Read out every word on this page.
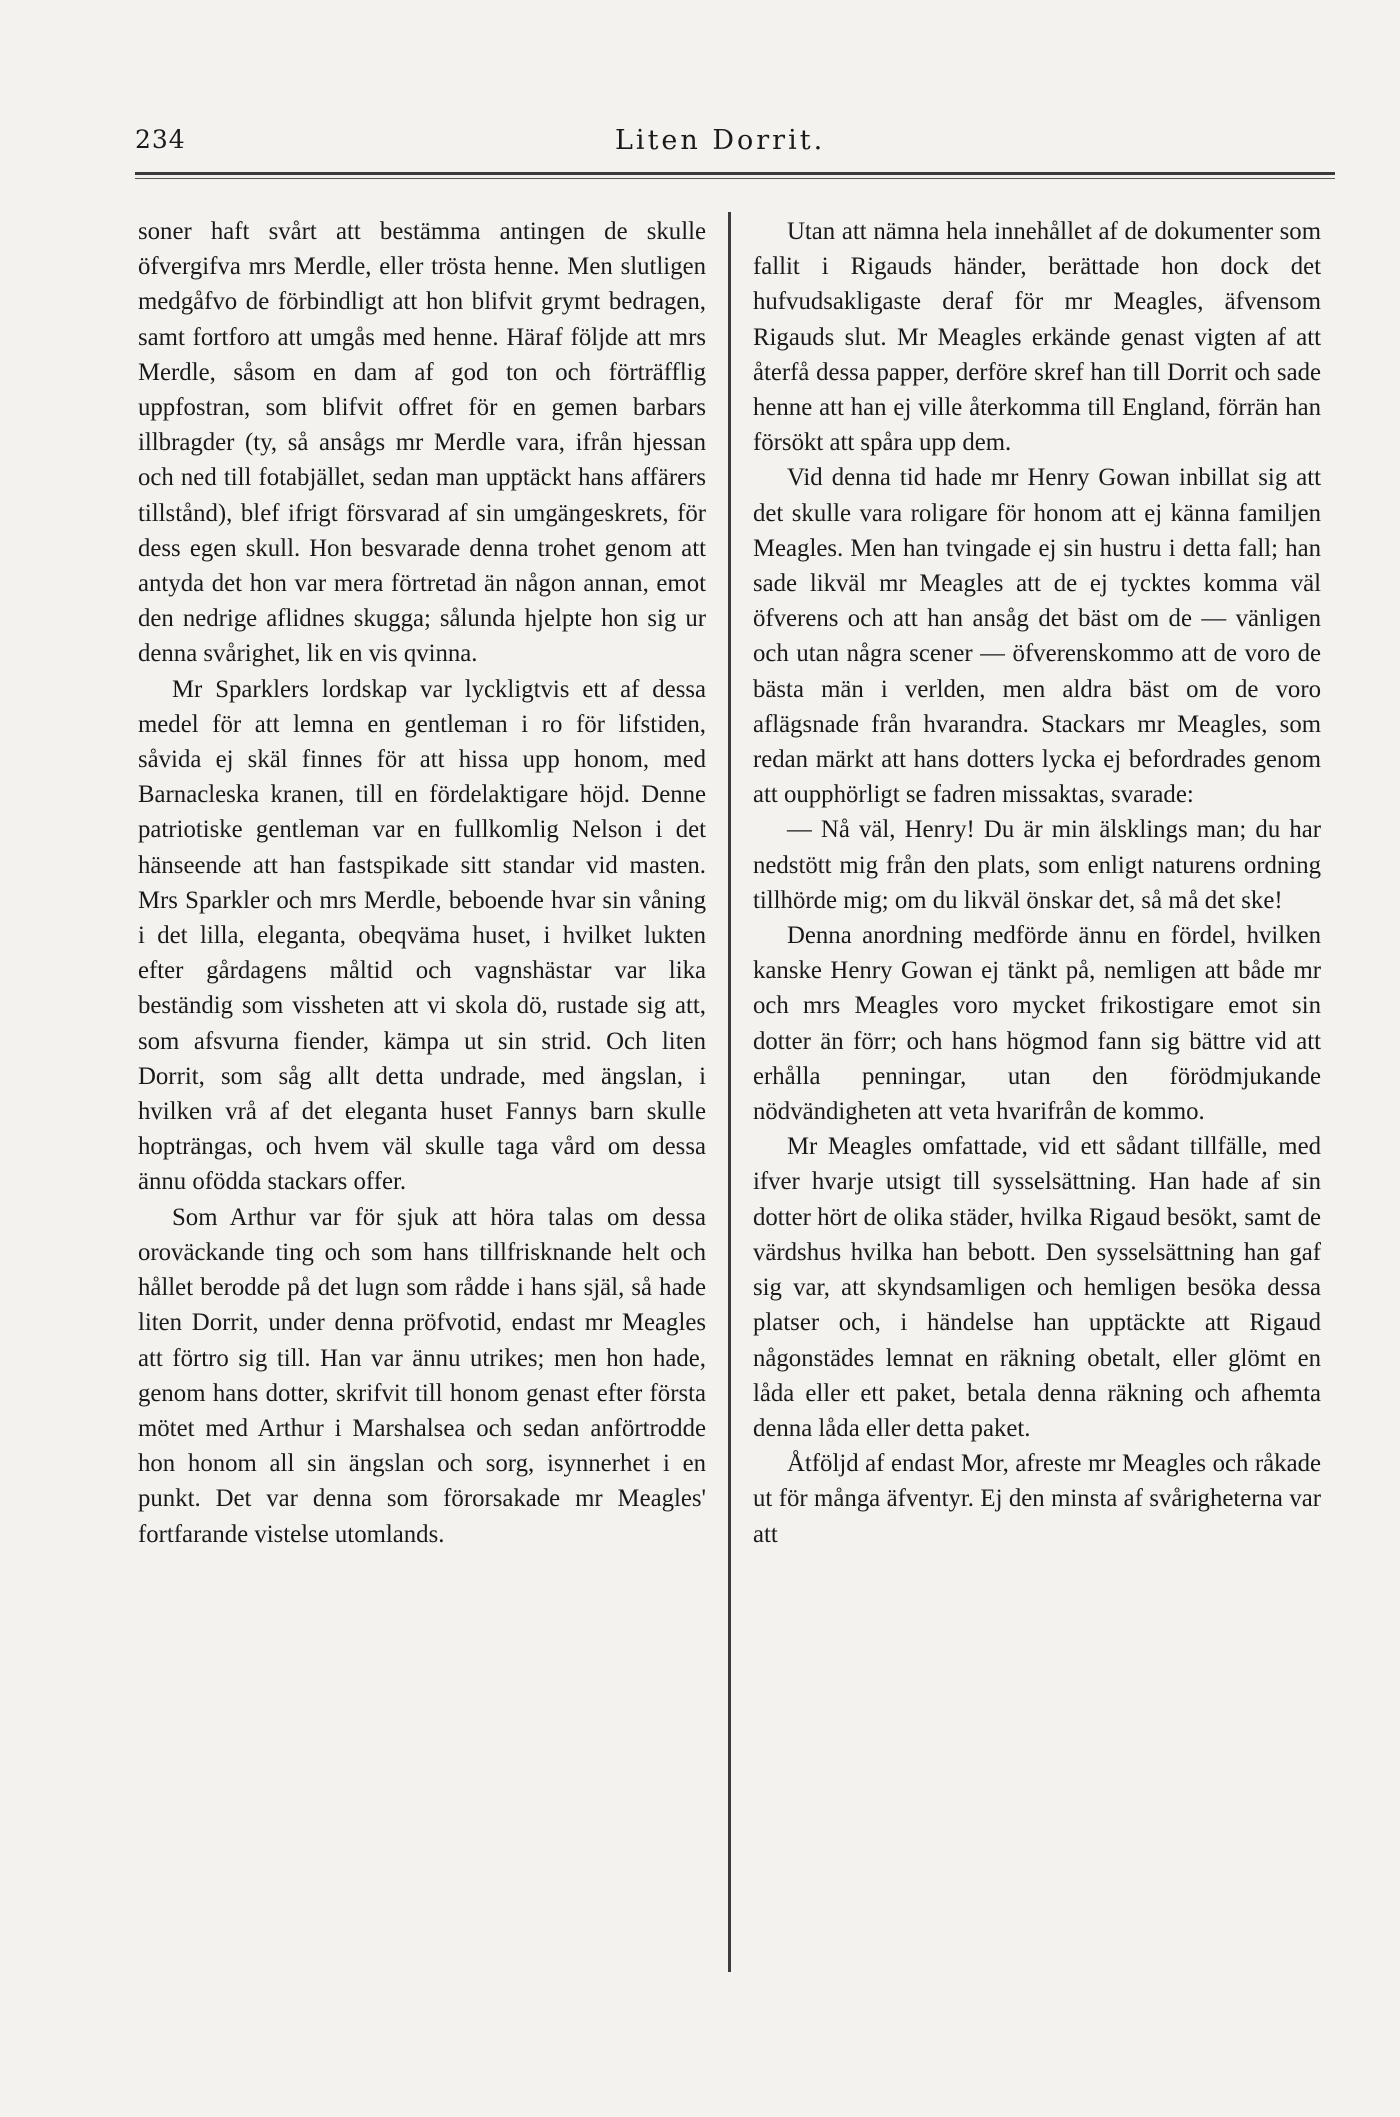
234	Liten Dorrit.

soner haft svårt att bestämma antingen de skulle öfvergifva mrs Merdle, eller trösta henne. Men slutligen medgåfvo de förbindligt att hon blifvit grymt bedragen, samt fortforo att umgås med henne. Häraf följde att mrs Merdle, såsom en dam af god ton och förträfflig uppfostran, som blifvit offret för en gemen barbars illbragder (ty, så ansågs mr Merdle vara, ifrån hjessan och ned till fotabjället, sedan man upptäckt hans affärers tillstånd), blef ifrigt försvarad af sin umgängeskrets, för dess egen skull. Hon besvarade denna trohet genom att antyda det hon var mera förtretad än någon annan, emot den nedrige aflidnes skugga; sålunda hjelpte hon sig ur denna svårighet, lik en vis qvinna.

Mr Sparklers lordskap var lyckligtvis ett af dessa medel för att lemna en gentleman i ro för lifstiden, såvida ej skäl finnes för att hissa upp honom, med Barnacleska kranen, till en fördelaktigare höjd. Denne patriotiske gentleman var en fullkomlig Nelson i det hänseende att han fastspikade sitt standar vid masten. Mrs Sparkler och mrs Merdle, beboende hvar sin våning i det lilla, eleganta, obeqväma huset, i hvilket lukten efter gårdagens måltid och vagnshästar var lika beständig som vissheten att vi skola dö, rustade sig att, som afsvurna fiender, kämpa ut sin strid. Och liten Dorrit, som såg allt detta undrade, med ängslan, i hvilken vrå af det eleganta huset Fannys barn skulle hopträngas, och hvem väl skulle taga vård om dessa ännu ofödda stackars offer.

Som Arthur var för sjuk att höra talas om dessa oroväckande ting och som hans tillfrisknande helt och hållet berodde på det lugn som rådde i hans själ, så hade liten Dorrit, under denna pröfvotid, endast mr Meagles att förtro sig till. Han var ännu utrikes; men hon hade, genom hans dotter, skrifvit till honom genast efter första mötet med Arthur i Marshalsea och sedan anförtrodde hon honom all sin ängslan och sorg, isynnerhet i en punkt. Det var denna som förorsakade mr Meagles' fortfarande vistelse utomlands.

Utan att nämna hela innehållet af de dokumenter som fallit i Rigauds händer, berättade hon dock det hufvudsakligaste deraf för mr Meagles, äfvensom Rigauds slut. Mr Meagles erkände genast vigten af att återfå dessa papper, derföre skref han till Dorrit och sade henne att han ej ville återkomma till England, förrän han försökt att spåra upp dem.

Vid denna tid hade mr Henry Gowan inbillat sig att det skulle vara roligare för honom att ej känna familjen Meagles. Men han tvingade ej sin hustru i detta fall; han sade likväl mr Meagles att de ej tycktes komma väl öfverens och att han ansåg det bäst om de — vänligen och utan några scener — öfverenskommo att de voro de bästa män i verlden, men aldra bäst om de voro aflägsnade från hvarandra. Stackars mr Meagles, som redan märkt att hans dotters lycka ej befordrades genom att oupphörligt se fadren missaktas, svarade:

— Nå väl, Henry! Du är min älsklings man; du har nedstött mig från den plats, som enligt naturens ordning tillhörde mig; om du likväl önskar det, så må det ske!

Denna anordning medförde ännu en fördel, hvilken kanske Henry Gowan ej tänkt på, nemligen att både mr och mrs Meagles voro mycket frikostigare emot sin dotter än förr; och hans högmod fann sig bättre vid att erhålla penningar, utan den förödmjukande nödvändigheten att veta hvarifrån de kommo.

Mr Meagles omfattade, vid ett sådant tillfälle, med ifver hvarje utsigt till sysselsättning. Han hade af sin dotter hört de olika städer, hvilka Rigaud besökt, samt de värdshus hvilka han bebott. Den sysselsättning han gaf sig var, att skyndsamligen och hemligen besöka dessa platser och, i händelse han upptäckte att Rigaud någonstädes lemnat en räkning obetalt, eller glömt en låda eller ett paket, betala denna räkning och afhemta denna låda eller detta paket.

Åtföljd af endast Mor, afreste mr Meagles och råkade ut för många äfventyr. Ej den minsta af svårigheterna var att
